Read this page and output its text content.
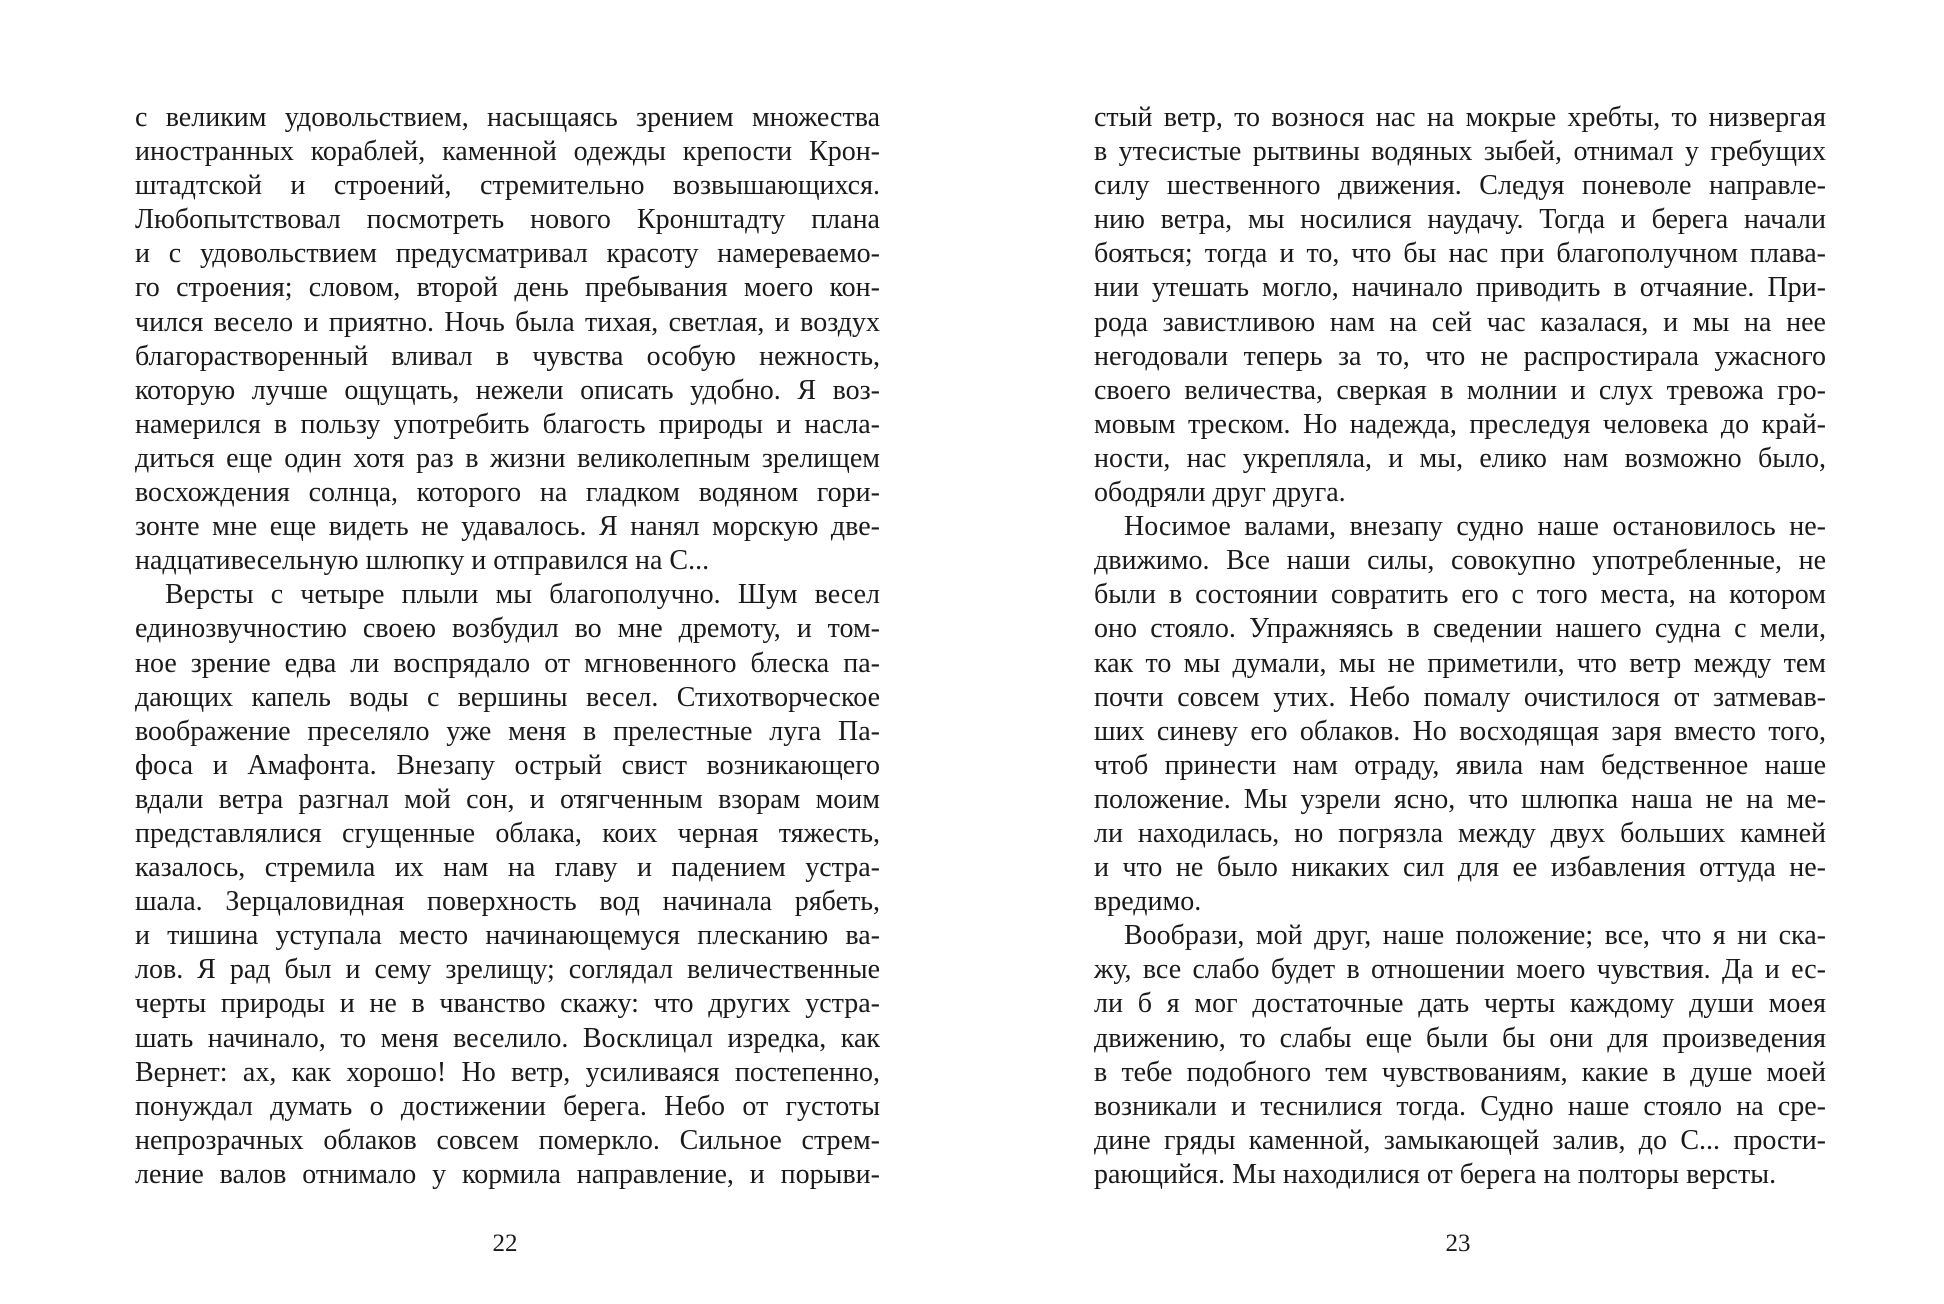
с великим удовольствием, насыщаясь зрением множества
иностранных кораблей, каменной одежды крепости Крон-
штадтской и строений, стремительно возвышающихся.
Любопытствовал посмотреть нового Кронштадту плана
и с удовольствием предусматривал красоту намереваемо-
го строения; словом, второй день пребывания моего кон-
чился весело и приятно. Ночь была тихая, светлая, и воздух
благорастворенный вливал в чувства особую нежность,
которую лучше ощущать, нежели описать удобно. Я воз-
намерился в пользу употребить благость природы и насла-
диться еще один хотя раз в жизни великолепным зрелищем
восхождения солнца, которого на гладком водяном гори-
зонте мне еще видеть не удавалось. Я нанял морскую две-
надцативесельную шлюпку и отправился на С...
Версты с четыре плыли мы благополучно. Шум весел
единозвучностию своею возбудил во мне дремоту, и том-
ное зрение едва ли воспрядало от мгновенного блеска па-
дающих капель воды с вершины весел. Стихотворческое
воображение преселяло уже меня в прелестные луга Па-
фоса и Амафонта. Внезапу острый свист возникающего
вдали ветра разгнал мой сон, и отягченным взорам моим
представлялися сгущенные облака, коих черная тяжесть,
казалось, стремила их нам на главу и падением устра-
шала. Зерцаловидная поверхность вод начинала рябеть,
и тишина уступала место начинающемуся плесканию ва-
лов. Я рад был и сему зрелищу; соглядал величественные
черты природы и не в чванство скажу: что других устра-
шать начинало, то меня веселило. Восклицал изредка, как
Вернет: ах, как хорошо! Но ветр, усиливаяся постепенно,
понуждал думать о достижении берега. Небо от густоты
непрозрачных облаков совсем померкло. Сильное стрем-
ление валов отнимало у кормила направление, и порыви-
стый ветр, то вознося нас на мокрые хребты, то низвергая
в утесистые рытвины водяных зыбей, отнимал у гребущих
силу шественного движения. Следуя поневоле направле-
нию ветра, мы носилися наудачу. Тогда и берега начали
бояться; тогда и то, что бы нас при благополучном плава-
нии утешать могло, начинало приводить в отчаяние. При-
рода завистливою нам на сей час казалася, и мы на нее
негодовали теперь за то, что не распростирала ужасного
своего величества, сверкая в молнии и слух тревожа гро-
мовым треском. Но надежда, преследуя человека до край-
ности, нас укрепляла, и мы, елико нам возможно было,
ободряли друг друга.
Носимое валами, внезапу судно наше остановилось не-
движимо. Все наши силы, совокупно употребленные, не
были в состоянии совратить его с того места, на котором
оно стояло. Упражняясь в сведении нашего судна с мели,
как то мы думали, мы не приметили, что ветр между тем
почти совсем утих. Небо помалу очистилося от затмевав-
ших синеву его облаков. Но восходящая заря вместо того,
чтоб принести нам отраду, явила нам бедственное наше
положение. Мы узрели ясно, что шлюпка наша не на ме-
ли находилась, но погрязла между двух больших камней
и что не было никаких сил для ее избавления оттуда не-
вредимо.
Вообрази, мой друг, наше положение; все, что я ни ска-
жу, все слабо будет в отношении моего чувствия. Да и ес-
ли б я мог достаточные дать черты каждому души моея
движению, то слабы еще были бы они для произведения
в тебе подобного тем чувствованиям, какие в душе моей
возникали и теснилися тогда. Судно наше стояло на сре-
дине гряды каменной, замыкающей залив, до С... прости-
рающийся. Мы находилися от берега на полторы версты.
22	23
